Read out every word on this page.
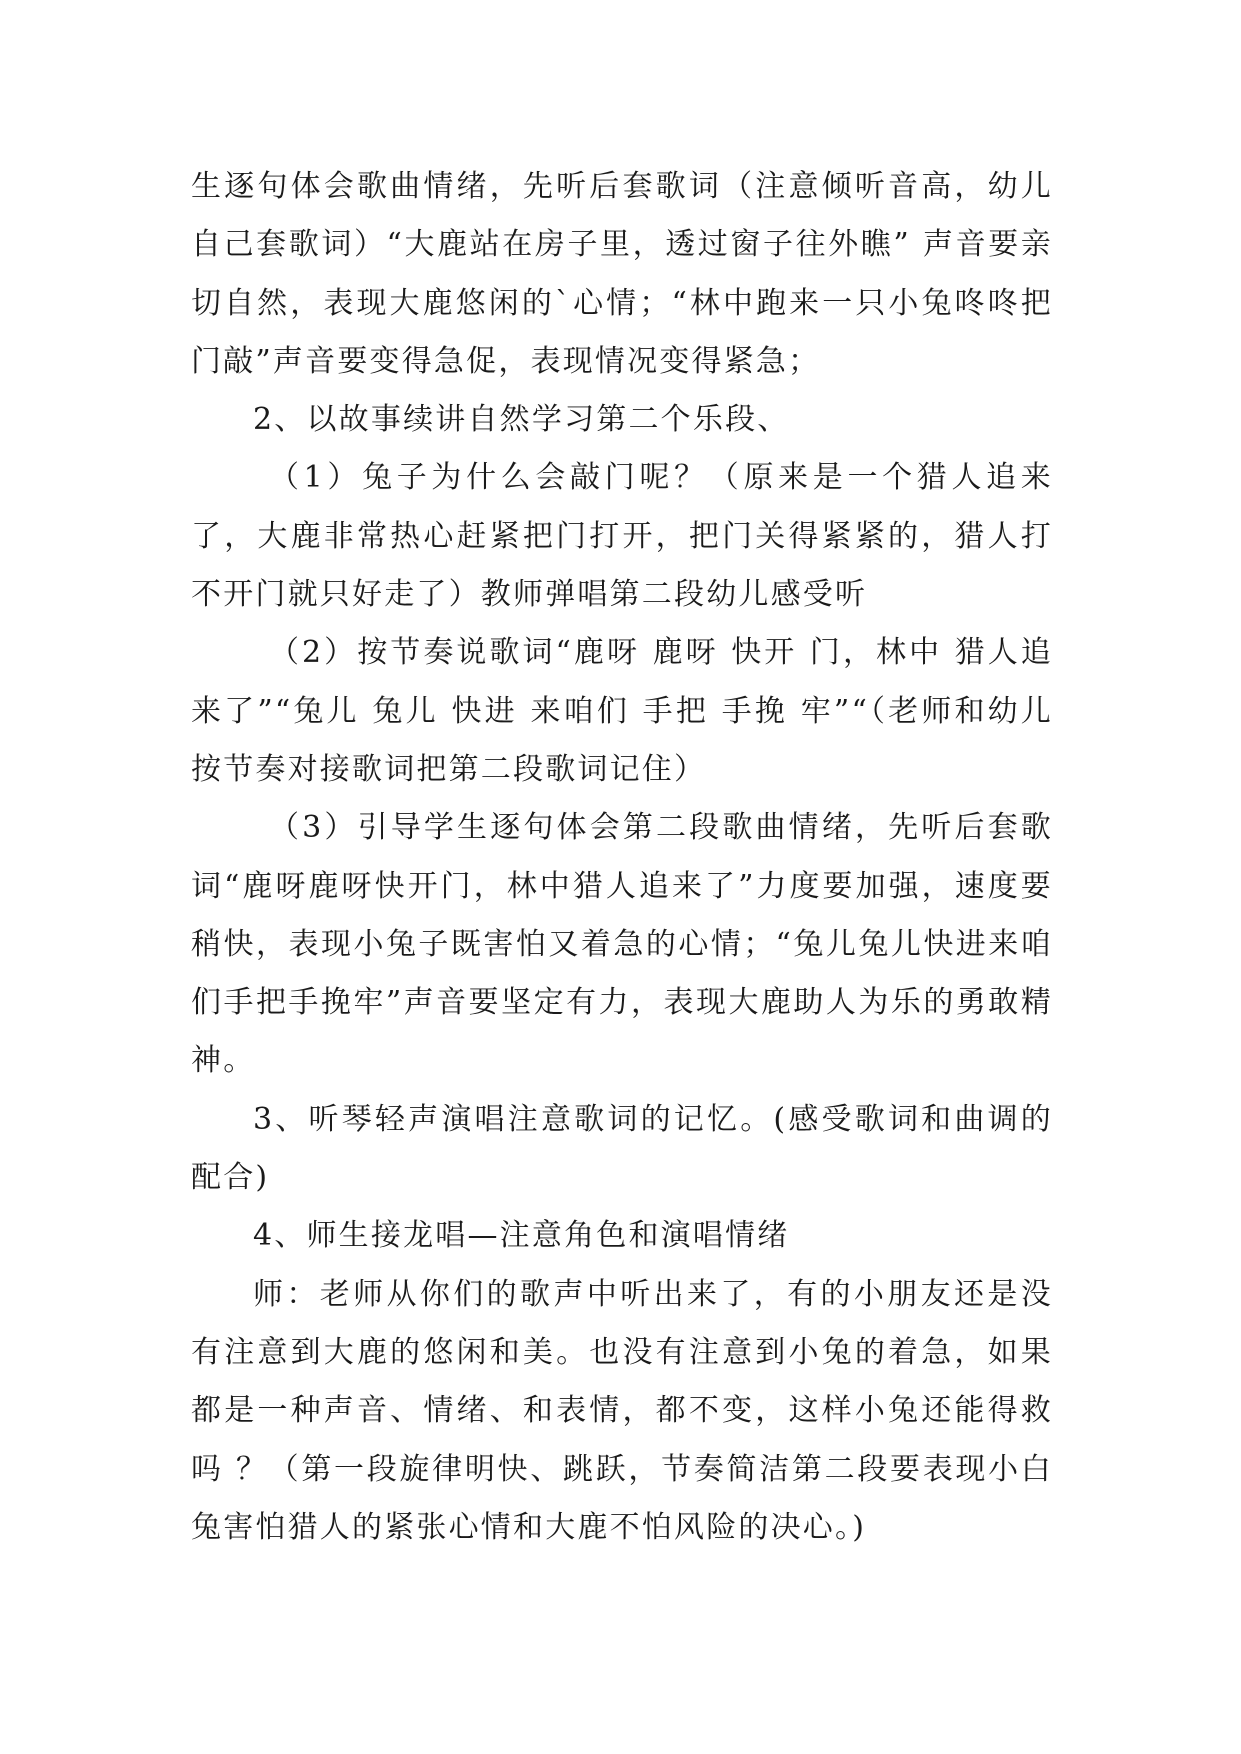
生逐句体会歌曲情绪，先听后套歌词（注意倾听音高，幼儿自己套歌词）“大鹿站在房子里，透过窗子往外瞧” 声音要亲切自然，表现大鹿悠闲的`心情；“林中跑来一只小兔咚咚把门敲”声音要变得急促，表现情况变得紧急；

2、以故事续讲自然学习第二个乐段、

（1）兔子为什么会敲门呢？（原来是一个猎人追来了，大鹿非常热心赶紧把门打开，把门关得紧紧的，猎人打不开门就只好走了）教师弹唱第二段幼儿感受听

（2）按节奏说歌词“鹿呀 鹿呀 快开 门，林中 猎人追来了”“兔儿 兔儿 快进 来咱们 手把 手挽 牢”“（老师和幼儿按节奏对接歌词把第二段歌词记住）

（3）引导学生逐句体会第二段歌曲情绪，先听后套歌词“鹿呀鹿呀快开门，林中猎人追来了”力度要加强，速度要稍快，表现小兔子既害怕又着急的心情；“兔儿兔儿快进来咱们手把手挽牢”声音要坚定有力，表现大鹿助人为乐的勇敢精神。

3、听琴轻声演唱注意歌词的记忆。(感受歌词和曲调的配合)

4、师生接龙唱—注意角色和演唱情绪

师：老师从你们的歌声中听出来了，有的小朋友还是没有注意到大鹿的悠闲和美。也没有注意到小兔的着急，如果都是一种声音、情绪、和表情，都不变，这样小兔还能得救吗 ？（第一段旋律明快、跳跃，节奏简洁第二段要表现小白兔害怕猎人的紧张心情和大鹿不怕风险的决心。)
